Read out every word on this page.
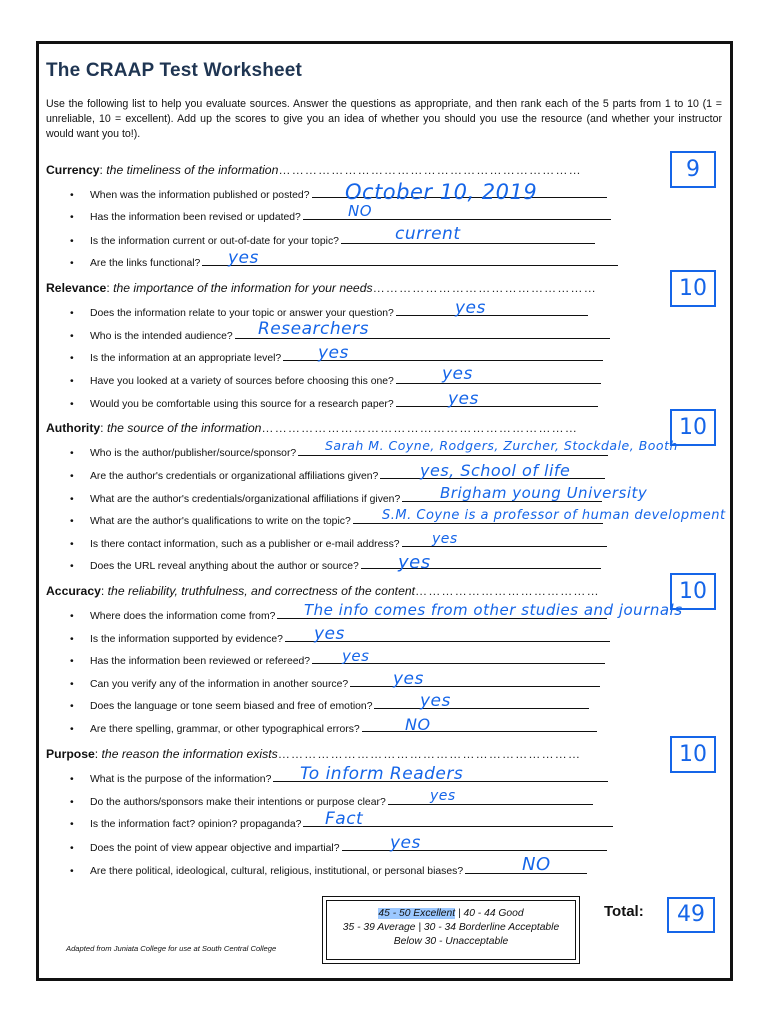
The CRAAP Test Worksheet
Use the following list to help you evaluate sources. Answer the questions as appropriate, and then rank each of the 5 parts from 1 to 10 (1 = unreliable, 10 = excellent). Add up the scores to give you an idea of whether you should you use the resource (and whether your instructor would want you to!).
Currency: the timeliness of the information……………………………………………………………	9
• When was the information published or posted?	October 10, 2019
• Has the information been revised or updated?	NO
• Is the information current or out-of-date for your topic?	current
• Are the links functional?	yes
Relevance: the importance of the information for your needs……………………………………………	10
• Does the information relate to your topic or answer your question?	yes
• Who is the intended audience?	Researchers
• Is the information at an appropriate level?	yes
• Have you looked at a variety of sources before choosing this one?	yes
• Would you be comfortable using this source for a research paper?	yes
Authority: the source of the information………………………………………………………………	10
• Who is the author/publisher/source/sponsor?
Sarah M. Coyne, Rodgers, Zurcher, Stockdale, Booth
• Are the author's credentials or organizational affiliations given?	yes, School of life
• What are the author's credentials/organizational affiliations if given?	Brigham young University
• What are the author's qualifications to write on the topic?	S.M. Coyne is a professor of human development
• Is there contact information, such as a publisher or e-mail address?	yes
• Does the URL reveal anything about the author or source?	yes
Accuracy: the reliability, truthfulness, and correctness of the content……………………………………	10
• Where does the information come from?	The info comes from other studies and journals
• Is the information supported by evidence?	yes
• Has the information been reviewed or refereed?	yes
• Can you verify any of the information in another source?	yes
• Does the language or tone seem biased and free of emotion?	yes
• Are there spelling, grammar, or other typographical errors?	NO
Purpose: the reason the information exists……………………………………………………………	10
• What is the purpose of the information?	To inform Readers
• Do the authors/sponsors make their intentions or purpose clear?	yes
• Is the information fact? opinion? propaganda?	Fact
• Does the point of view appear objective and impartial?	yes
• Are there political, ideological, cultural, religious, institutional, or personal biases?	NO
45 - 50 Excellent | 40 - 44 Good
35 - 39 Average | 30 - 34 Borderline Acceptable
Below 30 - Unacceptable
Total:	49
Adapted from Juniata College for use at South Central College
